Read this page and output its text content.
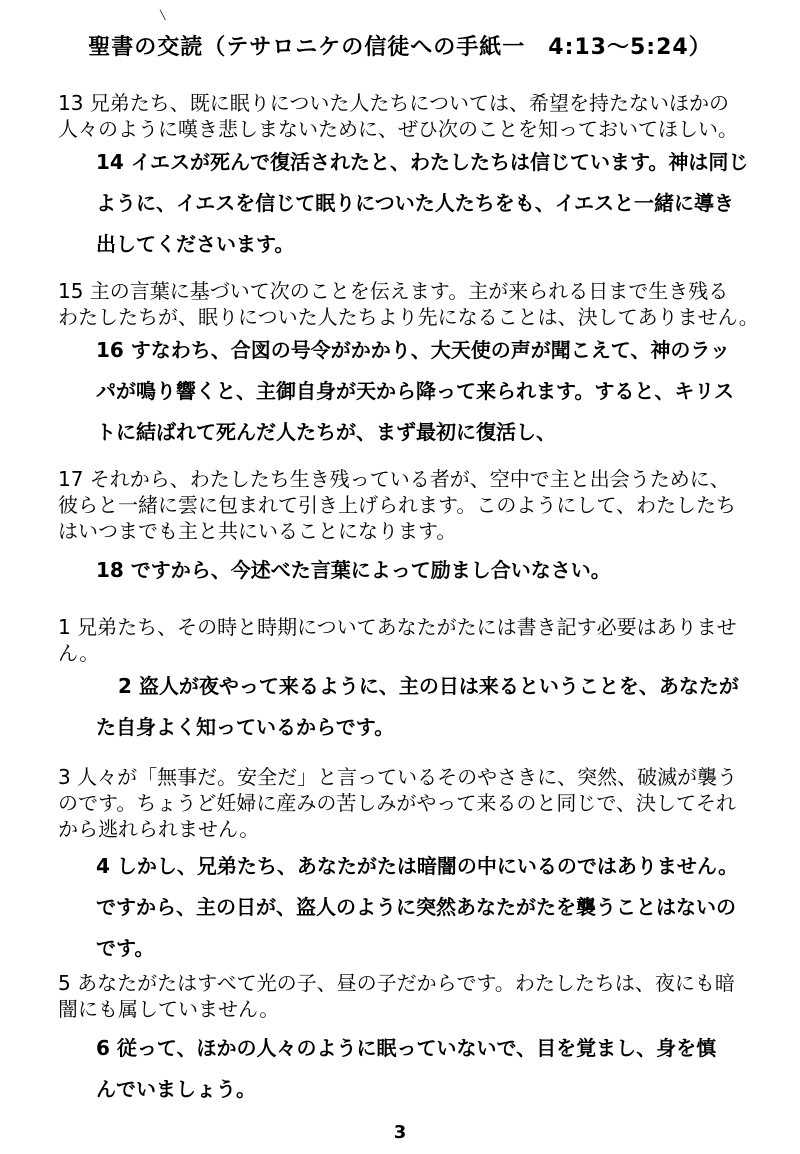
╲
聖書の交読（テサロニケの信徒への手紙一　4:13〜5:24）
13 兄弟たち、既に眠りについた人たちについては、希望を持たないほかの
人々のように嘆き悲しまないために、ぜひ次のことを知っておいてほしい。
14 イエスが死んで復活されたと、わたしたちは信じています。神は同じ
ように、イエスを信じて眠りについた人たちをも、イエスと一緒に導き
出してくださいます。
15 主の言葉に基づいて次のことを伝えます。主が来られる日まで生き残る
わたしたちが、眠りについた人たちより先になることは、決してありません。
16 すなわち、合図の号令がかかり、大天使の声が聞こえて、神のラッ
パが鳴り響くと、主御自身が天から降って来られます。すると、キリス
トに結ばれて死んだ人たちが、まず最初に復活し、
17 それから、わたしたち生き残っている者が、空中で主と出会うために、
彼らと一緒に雲に包まれて引き上げられます。このようにして、わたしたち
はいつまでも主と共にいることになります。
18 ですから、今述べた言葉によって励まし合いなさい。
1 兄弟たち、その時と時期についてあなたがたには書き記す必要はありませ
ん。
2 盗人が夜やって来るように、主の日は来るということを、あなたが
た自身よく知っているからです。
3 人々が「無事だ。安全だ」と言っているそのやさきに、突然、破滅が襲う
のです。ちょうど妊婦に産みの苦しみがやって来るのと同じで、決してそれ
から逃れられません。
4 しかし、兄弟たち、あなたがたは暗闇の中にいるのではありません。
ですから、主の日が、盗人のように突然あなたがたを襲うことはないの
です。
5 あなたがたはすべて光の子、昼の子だからです。わたしたちは、夜にも暗
闇にも属していません。
6 従って、ほかの人々のように眠っていないで、目を覚まし、身を慎
んでいましょう。
3
